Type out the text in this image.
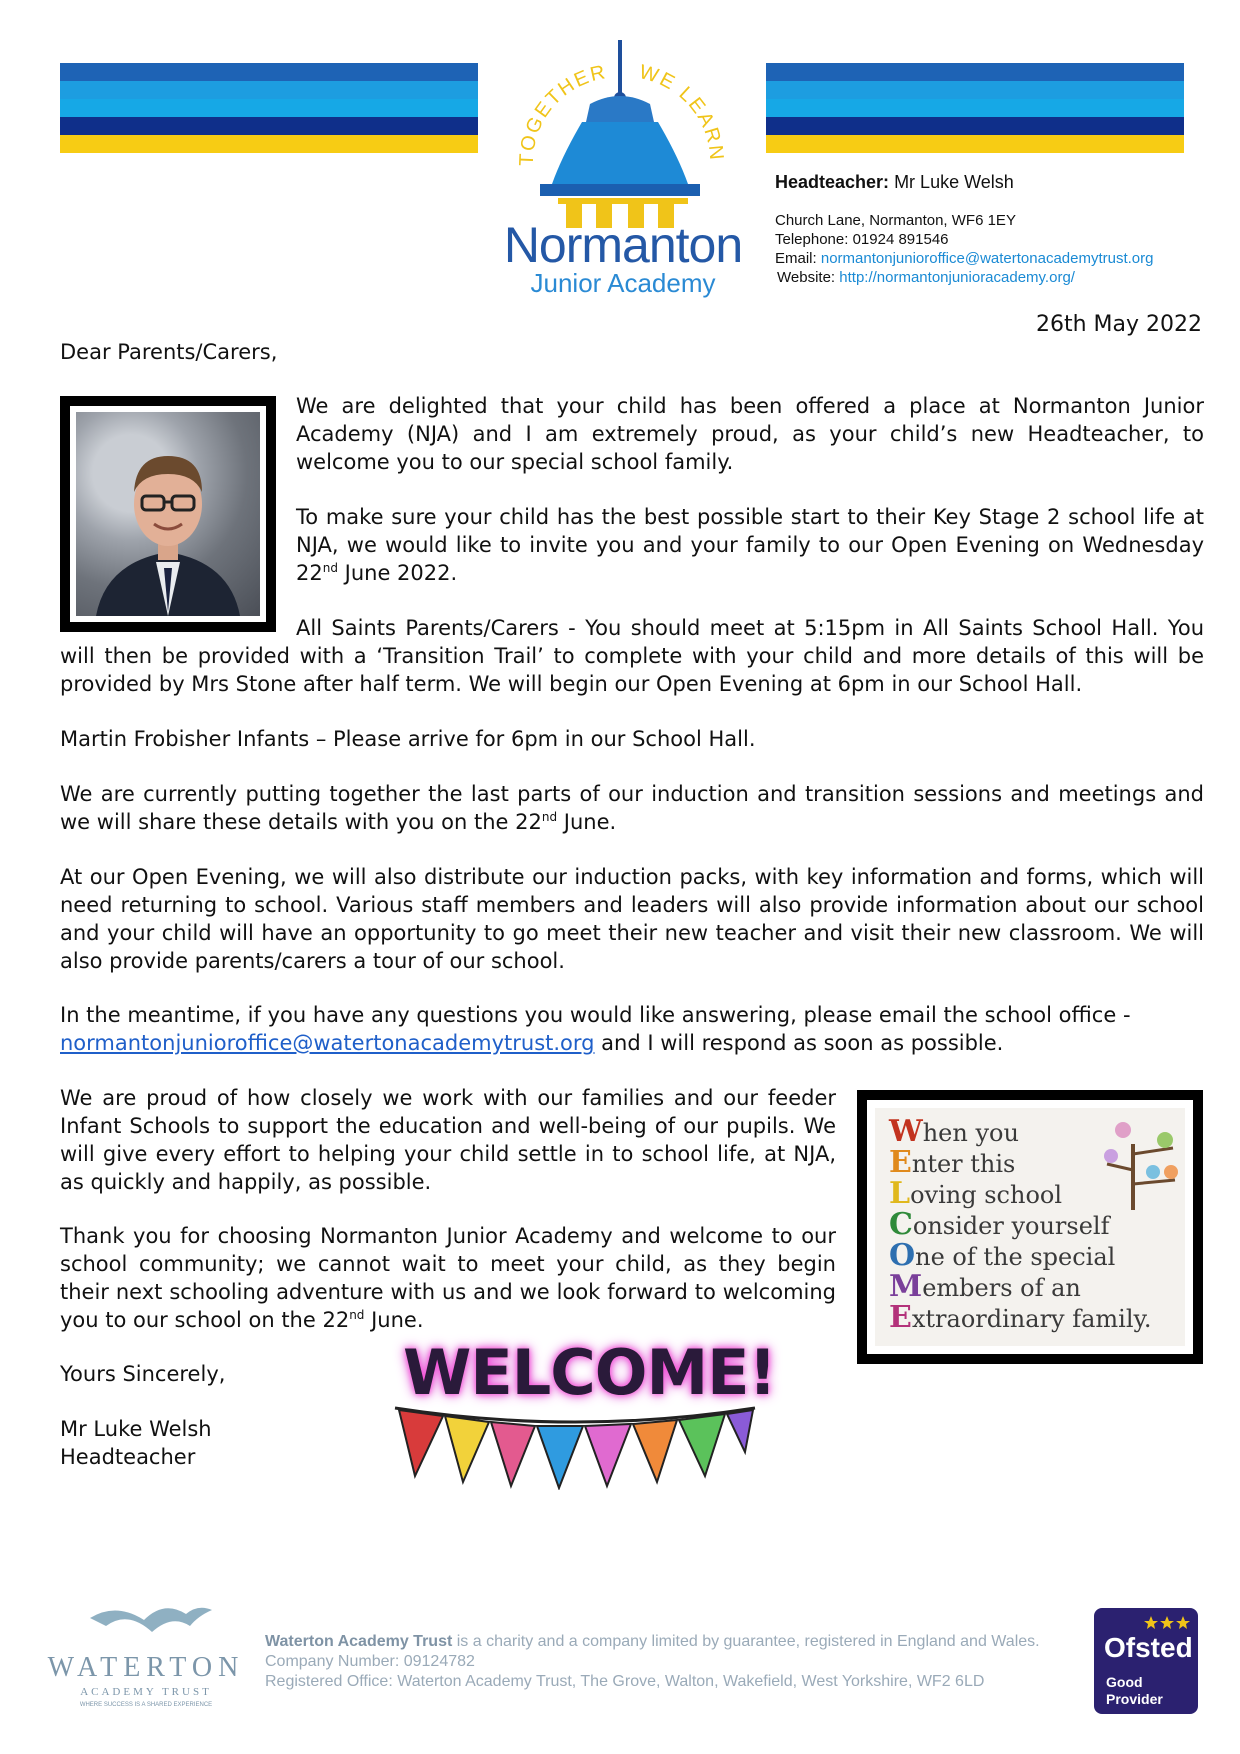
TOGETHER WE LEARN
Normanton
Junior Academy

Headteacher: Mr Luke Welsh

Church Lane, Normanton, WF6 1EY

Telephone: 01924 891546

Email: normantonjunioroffice@watertonacademytrust.org

Website: http://normantonjunioracademy.org/

26th May 2022
Dear Parents/Carers,

We are delighted that your child has been offered a place at Normanton Junior Academy (NJA) and I am extremely proud, as your child’s new Headteacher, to welcome you to our special school family.

To make sure your child has the best possible start to their Key Stage 2 school life at NJA, we would like to invite you and your family to our Open Evening on Wednesday 22nd June 2022.

All Saints Parents/Carers - You should meet at 5:15pm in All Saints School Hall. You will then be provided with a ‘Transition Trail’ to complete with your child and more details of this will be provided by Mrs Stone after half term. We will begin our Open Evening at 6pm in our School Hall.

Martin Frobisher Infants – Please arrive for 6pm in our School Hall.

We are currently putting together the last parts of our induction and transition sessions and meetings and we will share these details with you on the 22nd June.

At our Open Evening, we will also distribute our induction packs, with key information and forms, which will need returning to school. Various staff members and leaders will also provide information about our school and your child will have an opportunity to go meet their new teacher and visit their new classroom. We will also provide parents/carers a tour of our school.

In the meantime, if you have any questions you would like answering, please email the school office -
normantonjunioroffice@watertonacademytrust.org and I will respond as soon as possible.

We are proud of how closely we work with our families and our feeder Infant Schools to support the education and well-being of our pupils. We will give every effort to helping your child settle in to school life, at NJA, as quickly and happily, as possible.

Thank you for choosing Normanton Junior Academy and welcome to our school community; we cannot wait to meet your child, as they begin their next schooling adventure with us and we look forward to welcoming you to our school on the 22nd June.

Yours Sincerely,
Mr Luke Welsh
Headteacher
When you
Enter this
Loving school
Consider yourself
One of the special
Members of an
Extraordinary family.
WELCOME!
WATERTON
ACADEMY TRUST
WHERE SUCCESS IS A SHARED EXPERIENCE
Waterton Academy Trust is a charity and a company limited by guarantee, registered in England and Wales.
Company Number: 09124782
Registered Office: Waterton Academy Trust, The Grove, Walton, Wakefield, West Yorkshire, WF2 6LD
Ofsted
Good
Provider
